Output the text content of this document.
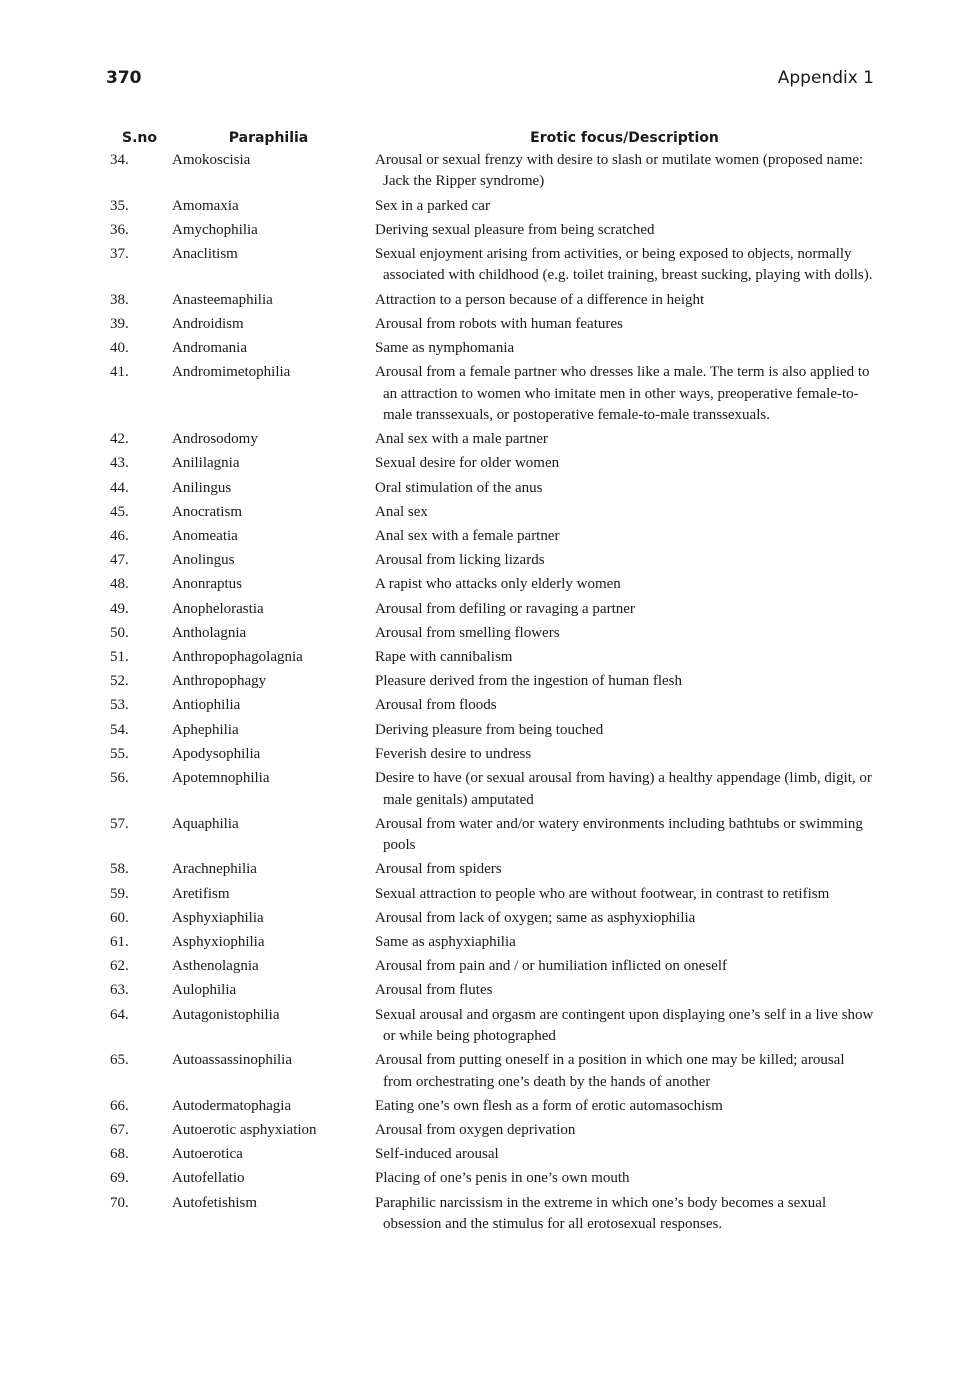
370	Appendix 1
S.no	Paraphilia	Erotic focus/Description
34.	Amokoscisia	Arousal or sexual frenzy with desire to slash or mutilate women (proposed name: Jack the Ripper syndrome)
35.	Amomaxia	Sex in a parked car
36.	Amychophilia	Deriving sexual pleasure from being scratched
37.	Anaclitism	Sexual enjoyment arising from activities, or being exposed to objects, normally associated with childhood (e.g. toilet training, breast sucking, playing with dolls).
38.	Anasteemaphilia	Attraction to a person because of a difference in height
39.	Androidism	Arousal from robots with human features
40.	Andromania	Same as nymphomania
41.	Andromimetophilia	Arousal from a female partner who dresses like a male. The term is also applied to an attraction to women who imitate men in other ways, preoperative female-to-male transsexuals, or postoperative female-to-male transsexuals.
42.	Androsodomy	Anal sex with a male partner
43.	Anililagnia	Sexual desire for older women
44.	Anilingus	Oral stimulation of the anus
45.	Anocratism	Anal sex
46.	Anomeatia	Anal sex with a female partner
47.	Anolingus	Arousal from licking lizards
48.	Anonraptus	A rapist who attacks only elderly women
49.	Anophelorastia	Arousal from defiling or ravaging a partner
50.	Antholagnia	Arousal from smelling flowers
51.	Anthropophagolagnia	Rape with cannibalism
52.	Anthropophagy	Pleasure derived from the ingestion of human flesh
53.	Antiophilia	Arousal from floods
54.	Aphephilia	Deriving pleasure from being touched
55.	Apodysophilia	Feverish desire to undress
56.	Apotemnophilia	Desire to have (or sexual arousal from having) a healthy appendage (limb, digit, or male genitals) amputated
57.	Aquaphilia	Arousal from water and/or watery environments including bathtubs or swimming pools
58.	Arachnephilia	Arousal from spiders
59.	Aretifism	Sexual attraction to people who are without footwear, in contrast to retifism
60.	Asphyxiaphilia	Arousal from lack of oxygen; same as asphyxiophilia
61.	Asphyxiophilia	Same as asphyxiaphilia
62.	Asthenolagnia	Arousal from pain and / or humiliation inflicted on oneself
63.	Aulophilia	Arousal from flutes
64.	Autagonistophilia	Sexual arousal and orgasm are contingent upon displaying one’s self in a live show or while being photographed
65.	Autoassassinophilia	Arousal from putting oneself in a position in which one may be killed; arousal from orchestrating one’s death by the hands of another
66.	Autodermatophagia	Eating one’s own flesh as a form of erotic automasochism
67.	Autoerotic asphyxiation	Arousal from oxygen deprivation
68.	Autoerotica	Self-induced arousal
69.	Autofellatio	Placing of one’s penis in one’s own mouth
70.	Autofetishism	Paraphilic narcissism in the extreme in which one’s body becomes a sexual obsession and the stimulus for all erotosexual responses.
